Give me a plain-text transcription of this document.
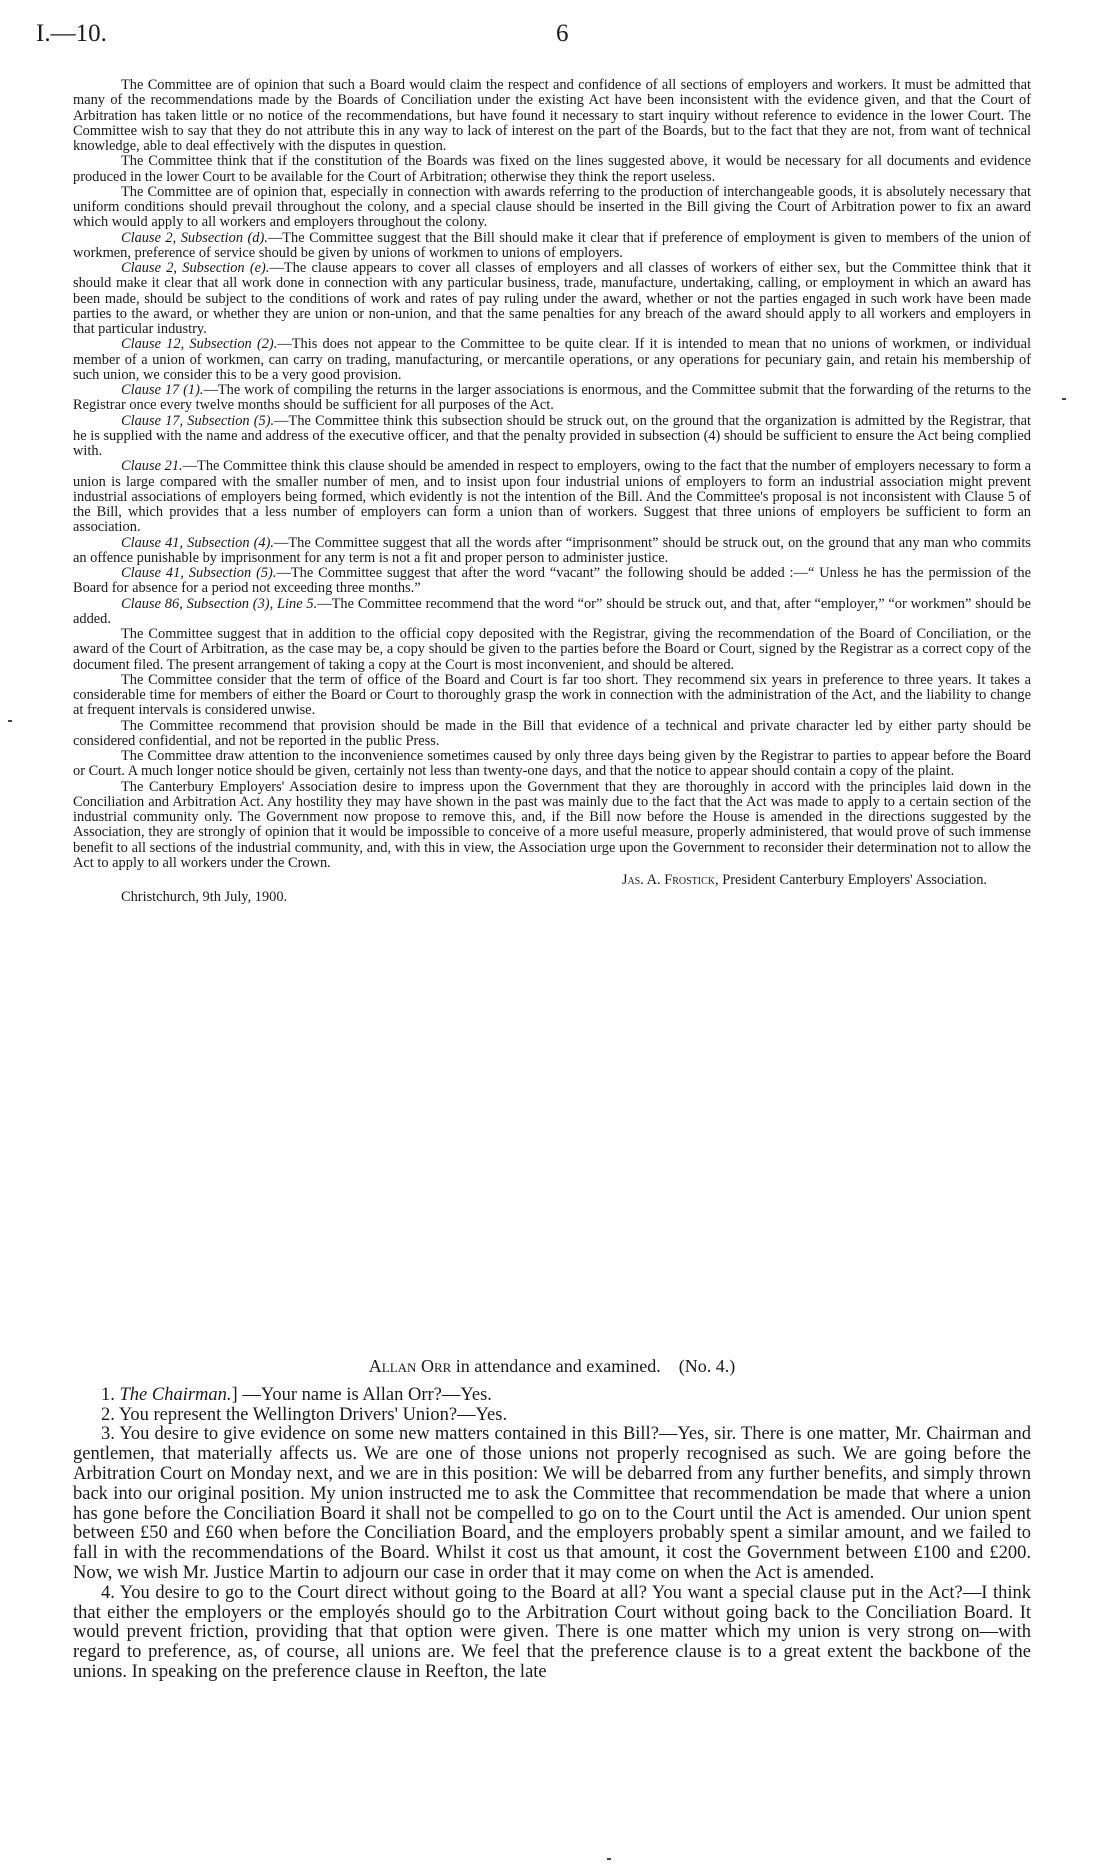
I.—10.	6

The Committee are of opinion that such a Board would claim the respect and confidence of all sections of employers and workers. It must be admitted that many of the recommendations made by the Boards of Conciliation under the existing Act have been inconsistent with the evidence given, and that the Court of Arbitration has taken little or no notice of the recommendations, but have found it necessary to start inquiry without reference to evidence in the lower Court. The Committee wish to say that they do not attribute this in any way to lack of interest on the part of the Boards, but to the fact that they are not, from want of technical knowledge, able to deal effectively with the disputes in question.

The Committee think that if the constitution of the Boards was fixed on the lines suggested above, it would be necessary for all documents and evidence produced in the lower Court to be available for the Court of Arbitration; otherwise they think the report useless.

The Committee are of opinion that, especially in connection with awards referring to the production of interchangeable goods, it is absolutely necessary that uniform conditions should prevail throughout the colony, and a special clause should be inserted in the Bill giving the Court of Arbitration power to fix an award which would apply to all workers and employers throughout the colony.

Clause 2, Subsection (d).—The Committee suggest that the Bill should make it clear that if preference of employment is given to members of the union of workmen, preference of service should be given by unions of workmen to unions of employers.

Clause 2, Subsection (e).—The clause appears to cover all classes of employers and all classes of workers of either sex, but the Committee think that it should make it clear that all work done in connection with any particular business, trade, manufacture, undertaking, calling, or employment in which an award has been made, should be subject to the conditions of work and rates of pay ruling under the award, whether or not the parties engaged in such work have been made parties to the award, or whether they are union or non-union, and that the same penalties for any breach of the award should apply to all workers and employers in that particular industry.

Clause 12, Subsection (2).—This does not appear to the Committee to be quite clear. If it is intended to mean that no unions of workmen, or individual member of a union of workmen, can carry on trading, manufacturing, or mercantile operations, or any operations for pecuniary gain, and retain his membership of such union, we consider this to be a very good provision.

Clause 17 (1).—The work of compiling the returns in the larger associations is enormous, and the Committee submit that the forwarding of the returns to the Registrar once every twelve months should be sufficient for all purposes of the Act.

Clause 17, Subsection (5).—The Committee think this subsection should be struck out, on the ground that the organization is admitted by the Registrar, that he is supplied with the name and address of the executive officer, and that the penalty provided in subsection (4) should be sufficient to ensure the Act being complied with.

Clause 21.—The Committee think this clause should be amended in respect to employers, owing to the fact that the number of employers necessary to form a union is large compared with the smaller number of men, and to insist upon four industrial unions of employers to form an industrial association might prevent industrial associations of employers being formed, which evidently is not the intention of the Bill. And the Committee's proposal is not inconsistent with Clause 5 of the Bill, which provides that a less number of employers can form a union than of workers. Suggest that three unions of employers be sufficient to form an association.

Clause 41, Subsection (4).—The Committee suggest that all the words after “imprisonment” should be struck out, on the ground that any man who commits an offence punishable by imprisonment for any term is not a fit and proper person to administer justice.

Clause 41, Subsection (5).—The Committee suggest that after the word “vacant” the following should be added :—“ Unless he has the permission of the Board for absence for a period not exceeding three months.”

Clause 86, Subsection (3), Line 5.—The Committee recommend that the word “or” should be struck out, and that, after “employer,” “or workmen” should be added.

The Committee suggest that in addition to the official copy deposited with the Registrar, giving the recommendation of the Board of Conciliation, or the award of the Court of Arbitration, as the case may be, a copy should be given to the parties before the Board or Court, signed by the Registrar as a correct copy of the document filed. The present arrangement of taking a copy at the Court is most inconvenient, and should be altered.

The Committee consider that the term of office of the Board and Court is far too short. They recommend six years in preference to three years. It takes a considerable time for members of either the Board or Court to thoroughly grasp the work in connection with the administration of the Act, and the liability to change at frequent intervals is considered unwise.

The Committee recommend that provision should be made in the Bill that evidence of a technical and private character led by either party should be considered confidential, and not be reported in the public Press.

The Committee draw attention to the inconvenience sometimes caused by only three days being given by the Registrar to parties to appear before the Board or Court. A much longer notice should be given, certainly not less than twenty-one days, and that the notice to appear should contain a copy of the plaint.

The Canterbury Employers' Association desire to impress upon the Government that they are thoroughly in accord with the principles laid down in the Conciliation and Arbitration Act. Any hostility they may have shown in the past was mainly due to the fact that the Act was made to apply to a certain section of the industrial community only. The Government now propose to remove this, and, if the Bill now before the House is amended in the directions suggested by the Association, they are strongly of opinion that it would be impossible to conceive of a more useful measure, properly administered, that would prove of such immense benefit to all sections of the industrial community, and, with this in view, the Association urge upon the Government to reconsider their determination not to allow the Act to apply to all workers under the Crown.

Jas. A. Frostick, President Canterbury Employers' Association.
Christchurch, 9th July, 1900.
Allan Orr in attendance and examined. (No. 4.)

1. The Chairman.] —Your name is Allan Orr?—Yes.

2. You represent the Wellington Drivers' Union?—Yes.

3. You desire to give evidence on some new matters contained in this Bill?—Yes, sir. There is one matter, Mr. Chairman and gentlemen, that materially affects us. We are one of those unions not properly recognised as such. We are going before the Arbitration Court on Monday next, and we are in this position: We will be debarred from any further benefits, and simply thrown back into our original position. My union instructed me to ask the Committee that recommendation be made that where a union has gone before the Conciliation Board it shall not be compelled to go on to the Court until the Act is amended. Our union spent between £50 and £60 when before the Conciliation Board, and the employers probably spent a similar amount, and we failed to fall in with the recommendations of the Board. Whilst it cost us that amount, it cost the Government between £100 and £200. Now, we wish Mr. Justice Martin to adjourn our case in order that it may come on when the Act is amended.

4. You desire to go to the Court direct without going to the Board at all? You want a special clause put in the Act?—I think that either the employers or the employés should go to the Arbitration Court without going back to the Conciliation Board. It would prevent friction, providing that that option were given. There is one matter which my union is very strong on—with regard to preference, as, of course, all unions are. We feel that the preference clause is to a great extent the backbone of the unions. In speaking on the preference clause in Reefton, the late
